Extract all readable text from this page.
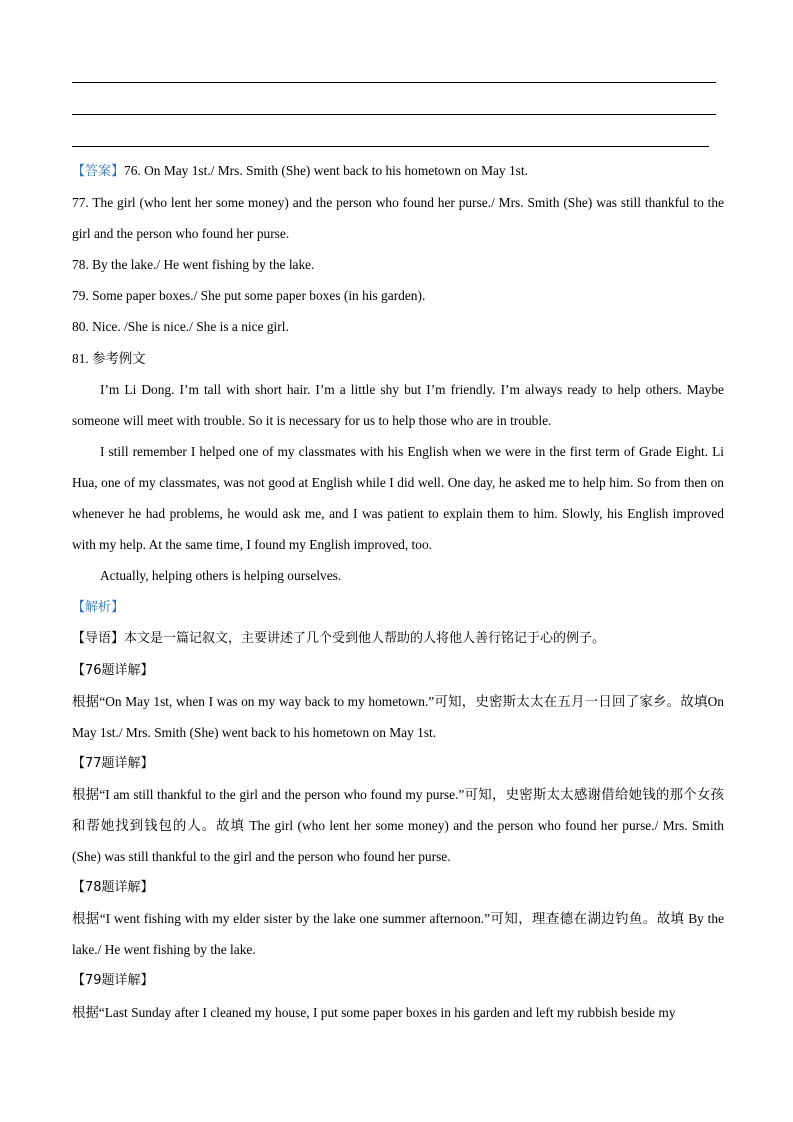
【答案】76. On May 1st./ Mrs. Smith (She) went back to his hometown on May 1st.

77. The girl (who lent her some money) and the person who found her purse./ Mrs. Smith (She) was still thankful to the girl and the person who found her purse.

78. By the lake./ He went fishing by the lake.

79. Some paper boxes./ She put some paper boxes (in his garden).

80. Nice. /She is nice./ She is a nice girl.

81. 参考例文

I’m Li Dong. I’m tall with short hair. I’m a little shy but I’m friendly. I’m always ready to help others. Maybe someone will meet with trouble. So it is necessary for us to help those who are in trouble.

I still remember I helped one of my classmates with his English when we were in the first term of Grade Eight. Li Hua, one of my classmates, was not good at English while I did well. One day, he asked me to help him. So from then on whenever he had problems, he would ask me, and I was patient to explain them to him. Slowly, his English improved with my help. At the same time, I found my English improved, too.

Actually, helping others is helping ourselves.

【解析】

【导语】本文是一篇记叙文，主要讲述了几个受到他人帮助的人将他人善行铭记于心的例子。

【76题详解】

根据“On May 1st, when I was on my way back to my hometown.”可知，史密斯太太在五月一日回了家乡。故填On May 1st./ Mrs. Smith (She) went back to his hometown on May 1st.

【77题详解】

根据“I am still thankful to the girl and the person who found my purse.”可知，史密斯太太感谢借给她钱的那个女孩和帮她找到钱包的人。故填 The girl (who lent her some money) and the person who found her purse./ Mrs. Smith (She) was still thankful to the girl and the person who found her purse.

【78题详解】

根据“I went fishing with my elder sister by the lake one summer afternoon.”可知，理查德在湖边钓鱼。故填 By the lake./ He went fishing by the lake.

【79题详解】

根据“Last Sunday after I cleaned my house, I put some paper boxes in his garden and left my rubbish beside my
